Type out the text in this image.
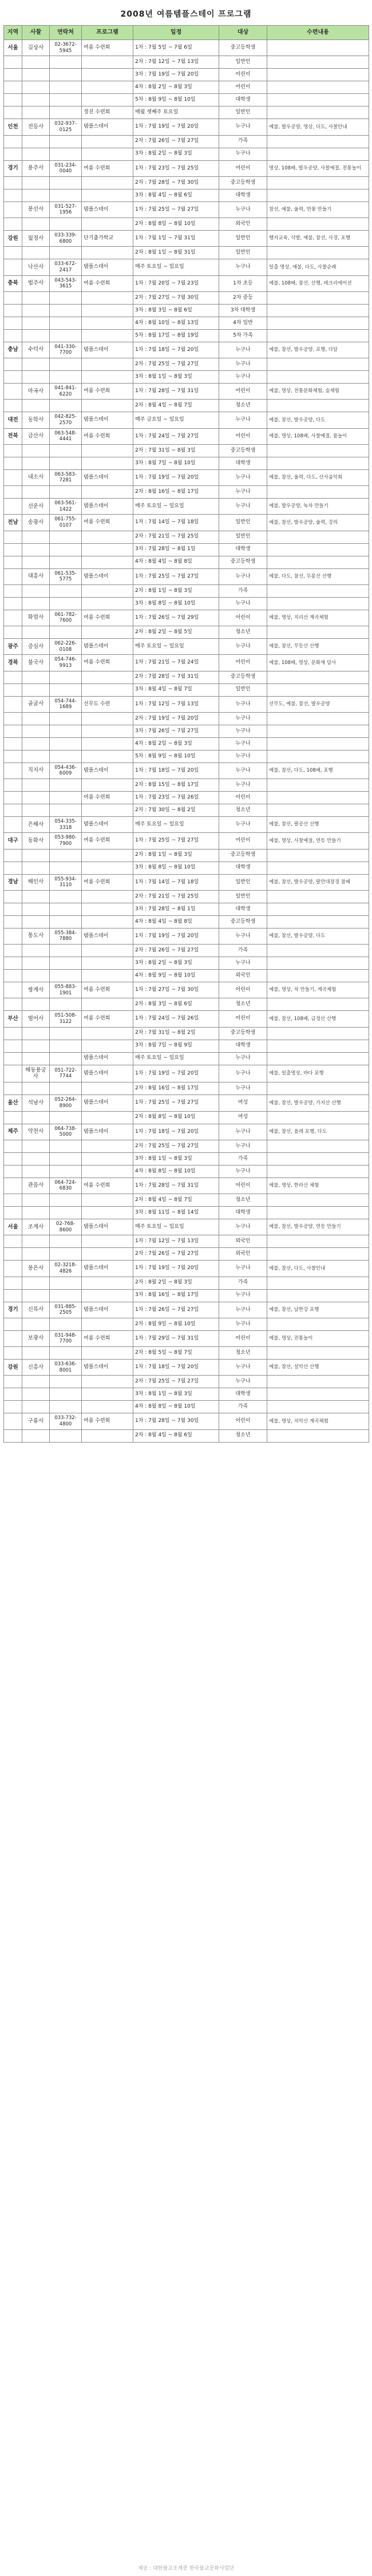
2008년 여름템플스테이 프로그램
지역	사찰	연락처	프로그램	일정	대상	수련내용
서울	길상사	02-3672-5945	여름 수련회	1차 : 7월 5일 ~ 7월 6일	중고등학생	
				2차 : 7월 12일 ~ 7월 13일	일반인	
				3차 : 7월 19일 ~ 7월 20일	어린이	
				4차 : 8월 2일 ~ 8월 3일	어린이	
				5차 : 8월 9일 ~ 8월 10일	대학생	
			정진 수련회	매월 셋째주 토요일	일반인	
인천	전등사	032-937-0125	템플스테이	1차 : 7월 19일 ~ 7월 20일	누구나	예불, 발우공양, 명상, 다도, 사찰안내
				2차 : 7월 26일 ~ 7월 27일	가족	
				3차 : 8월 2일 ~ 8월 3일	누구나	
경기	용주사	031-234-0040	여름 수련회	1차 : 7월 23일 ~ 7월 25일	어린이	명상, 108배, 발우공양, 사찰예절, 전통놀이
				2차 : 7월 28일 ~ 7월 30일	중고등학생	
				3차 : 8월 4일 ~ 8월 6일	대학생	
	봉선사	031-527-1956	템플스테이	1차 : 7월 25일 ~ 7월 27일	누구나	참선, 예불, 울력, 연꽃 만들기
				2차 : 8월 8일 ~ 8월 10일	외국인	
강원	월정사	033-339-6800	단기출가학교	1차 : 7월 1일 ~ 7월 31일	일반인	행자교육, 삭발, 예불, 참선, 사경, 포행
				2차 : 8월 1일 ~ 8월 31일	일반인	
	낙산사	033-672-2417	템플스테이	매주 토요일 ~ 일요일	누구나	일출 명상, 예불, 다도, 사찰순례
충북	법주사	043-543-3615	여름 수련회	1차 : 7월 20일 ~ 7월 23일	1차 초등	예불, 108배, 참선, 산행, 레크리에이션
				2차 : 7월 27일 ~ 7월 30일	2차 중등	
				3차 : 8월 3일 ~ 8월 6일	3차 대학생	
				4차 : 8월 10일 ~ 8월 13일	4차 일반	
				5차 : 8월 17일 ~ 8월 19일	5차 가족	
충남	수덕사	041-330-7700	템플스테이	1차 : 7월 18일 ~ 7월 20일	누구나	예불, 참선, 발우공양, 포행, 다담
				2차 : 7월 25일 ~ 7월 27일	누구나	
				3차 : 8월 1일 ~ 8월 3일	누구나	
	마곡사	041-841-6220	여름 수련회	1차 : 7월 28일 ~ 7월 31일	어린이	예불, 명상, 전통문화체험, 숲체험
				2차 : 8월 4일 ~ 8월 7일	청소년	
대전	동학사	042-825-2570	템플스테이	매주 금요일 ~ 일요일	누구나	예불, 참선, 발우공양, 다도
전북	금산사	063-548-4441	여름 수련회	1차 : 7월 24일 ~ 7월 27일	어린이	예불, 명상, 108배, 사찰예절, 물놀이
				2차 : 7월 31일 ~ 8월 3일	중고등학생	
				3차 : 8월 7일 ~ 8월 10일	대학생	
	내소사	063-583-7281	템플스테이	1차 : 7월 19일 ~ 7월 20일	누구나	예불, 참선, 울력, 다도, 산사음악회
				2차 : 8월 16일 ~ 8월 17일	누구나	
	선운사	063-561-1422	템플스테이	매주 토요일 ~ 일요일	누구나	예불, 발우공양, 녹차 만들기
전남	송광사	061-755-0107	여름 수련회	1차 : 7월 14일 ~ 7월 18일	일반인	예불, 참선, 발우공양, 울력, 강의
				2차 : 7월 21일 ~ 7월 25일	일반인	
				3차 : 7월 28일 ~ 8월 1일	대학생	
				4차 : 8월 4일 ~ 8월 8일	중고등학생	
	대흥사	061-535-5775	템플스테이	1차 : 7월 25일 ~ 7월 27일	누구나	예불, 다도, 참선, 두륜산 산행
				2차 : 8월 1일 ~ 8월 3일	가족	
				3차 : 8월 8일 ~ 8월 10일	누구나	
	화엄사	061-782-7600	여름 수련회	1차 : 7월 26일 ~ 7월 29일	어린이	예불, 명상, 지리산 계곡체험
				2차 : 8월 2일 ~ 8월 5일	청소년	
광주	증심사	062-226-0108	템플스테이	매주 토요일 ~ 일요일	누구나	예불, 참선, 무등산 산행
경북	불국사	054-746-9913	여름 수련회	1차 : 7월 21일 ~ 7월 24일	어린이	예불, 108배, 명상, 문화재 답사
				2차 : 7월 28일 ~ 7월 31일	중고등학생	
				3차 : 8월 4일 ~ 8월 7일	일반인	
	골굴사	054-744-1689	선무도 수련	1차 : 7월 12일 ~ 7월 13일	누구나	선무도, 예불, 참선, 발우공양
				2차 : 7월 19일 ~ 7월 20일	누구나	
				3차 : 7월 26일 ~ 7월 27일	누구나	
				4차 : 8월 2일 ~ 8월 3일	누구나	
				5차 : 8월 9일 ~ 8월 10일	누구나	
	직지사	054-436-6009	템플스테이	1차 : 7월 18일 ~ 7월 20일	누구나	예불, 참선, 다도, 108배, 포행
				2차 : 8월 15일 ~ 8월 17일	누구나	
			여름 수련회	1차 : 7월 23일 ~ 7월 26일	어린이	
				2차 : 7월 30일 ~ 8월 2일	청소년	
	은해사	054-335-3318	템플스테이	매주 토요일 ~ 일요일	누구나	예불, 참선, 팔공산 산행
대구	동화사	053-980-7900	여름 수련회	1차 : 7월 25일 ~ 7월 27일	어린이	예불, 명상, 사찰예절, 연등 만들기
				2차 : 8월 1일 ~ 8월 3일	중고등학생	
				3차 : 8월 8일 ~ 8월 10일	대학생	
경남	해인사	055-934-3110	여름 수련회	1차 : 7월 14일 ~ 7월 18일	일반인	예불, 참선, 발우공양, 팔만대장경 참배
				2차 : 7월 21일 ~ 7월 25일	일반인	
				3차 : 7월 28일 ~ 8월 1일	대학생	
				4차 : 8월 4일 ~ 8월 8일	중고등학생	
	통도사	055-384-7880	템플스테이	1차 : 7월 19일 ~ 7월 20일	누구나	예불, 참선, 발우공양, 다도
				2차 : 7월 26일 ~ 7월 27일	가족	
				3차 : 8월 2일 ~ 8월 3일	누구나	
				4차 : 8월 9일 ~ 8월 10일	외국인	
	쌍계사	055-883-1901	여름 수련회	1차 : 7월 27일 ~ 7월 30일	어린이	예불, 명상, 차 만들기, 계곡체험
				2차 : 8월 3일 ~ 8월 6일	청소년	
부산	범어사	051-508-3122	여름 수련회	1차 : 7월 24일 ~ 7월 26일	어린이	예불, 참선, 108배, 금정산 산행
				2차 : 7월 31일 ~ 8월 2일	중고등학생	
				3차 : 8월 7일 ~ 8월 9일	대학생	
			템플스테이	매주 토요일 ~ 일요일	누구나	
	해동용궁사	051-722-7744	템플스테이	1차 : 7월 19일 ~ 7월 20일	누구나	예불, 일출명상, 바다 포행
				2차 : 8월 16일 ~ 8월 17일	누구나	
울산	석남사	052-264-8900	템플스테이	1차 : 7월 25일 ~ 7월 27일	여성	예불, 참선, 발우공양, 가지산 산행
				2차 : 8월 8일 ~ 8월 10일	여성	
제주	약천사	064-738-5000	템플스테이	1차 : 7월 18일 ~ 7월 20일	누구나	예불, 참선, 올레 포행, 다도
				2차 : 7월 25일 ~ 7월 27일	누구나	
				3차 : 8월 1일 ~ 8월 3일	가족	
				4차 : 8월 8일 ~ 8월 10일	누구나	
	관음사	064-724-6830	여름 수련회	1차 : 7월 28일 ~ 7월 31일	어린이	예불, 명상, 한라산 체험
				2차 : 8월 4일 ~ 8월 7일	청소년	
				3차 : 8월 11일 ~ 8월 14일	대학생	
서울	조계사	02-768-8600	템플스테이	매주 토요일 ~ 일요일	누구나	예불, 참선, 발우공양, 연등 만들기
				1차 : 7월 12일 ~ 7월 13일	외국인	
				2차 : 7월 26일 ~ 7월 27일	외국인	
	봉은사	02-3218-4826	템플스테이	1차 : 7월 19일 ~ 7월 20일	누구나	예불, 참선, 다도, 사찰안내
				2차 : 8월 2일 ~ 8월 3일	가족	
				3차 : 8월 16일 ~ 8월 17일	누구나	
경기	신륵사	031-885-2505	템플스테이	1차 : 7월 26일 ~ 7월 27일	누구나	예불, 참선, 남한강 포행
				2차 : 8월 9일 ~ 8월 10일	누구나	
	보광사	031-948-7700	여름 수련회	1차 : 7월 29일 ~ 7월 31일	어린이	예불, 명상, 전통놀이
				2차 : 8월 5일 ~ 8월 7일	청소년	
강원	신흥사	033-636-8001	템플스테이	1차 : 7월 18일 ~ 7월 20일	누구나	예불, 참선, 설악산 산행
				2차 : 7월 25일 ~ 7월 27일	누구나	
				3차 : 8월 1일 ~ 8월 3일	대학생	
				4차 : 8월 8일 ~ 8월 10일	가족	
	구룡사	033-732-4800	여름 수련회	1차 : 7월 28일 ~ 7월 30일	어린이	예불, 명상, 치악산 계곡체험
				2차 : 8월 4일 ~ 8월 6일	청소년	
제공 : 대한불교조계종 한국불교문화사업단
